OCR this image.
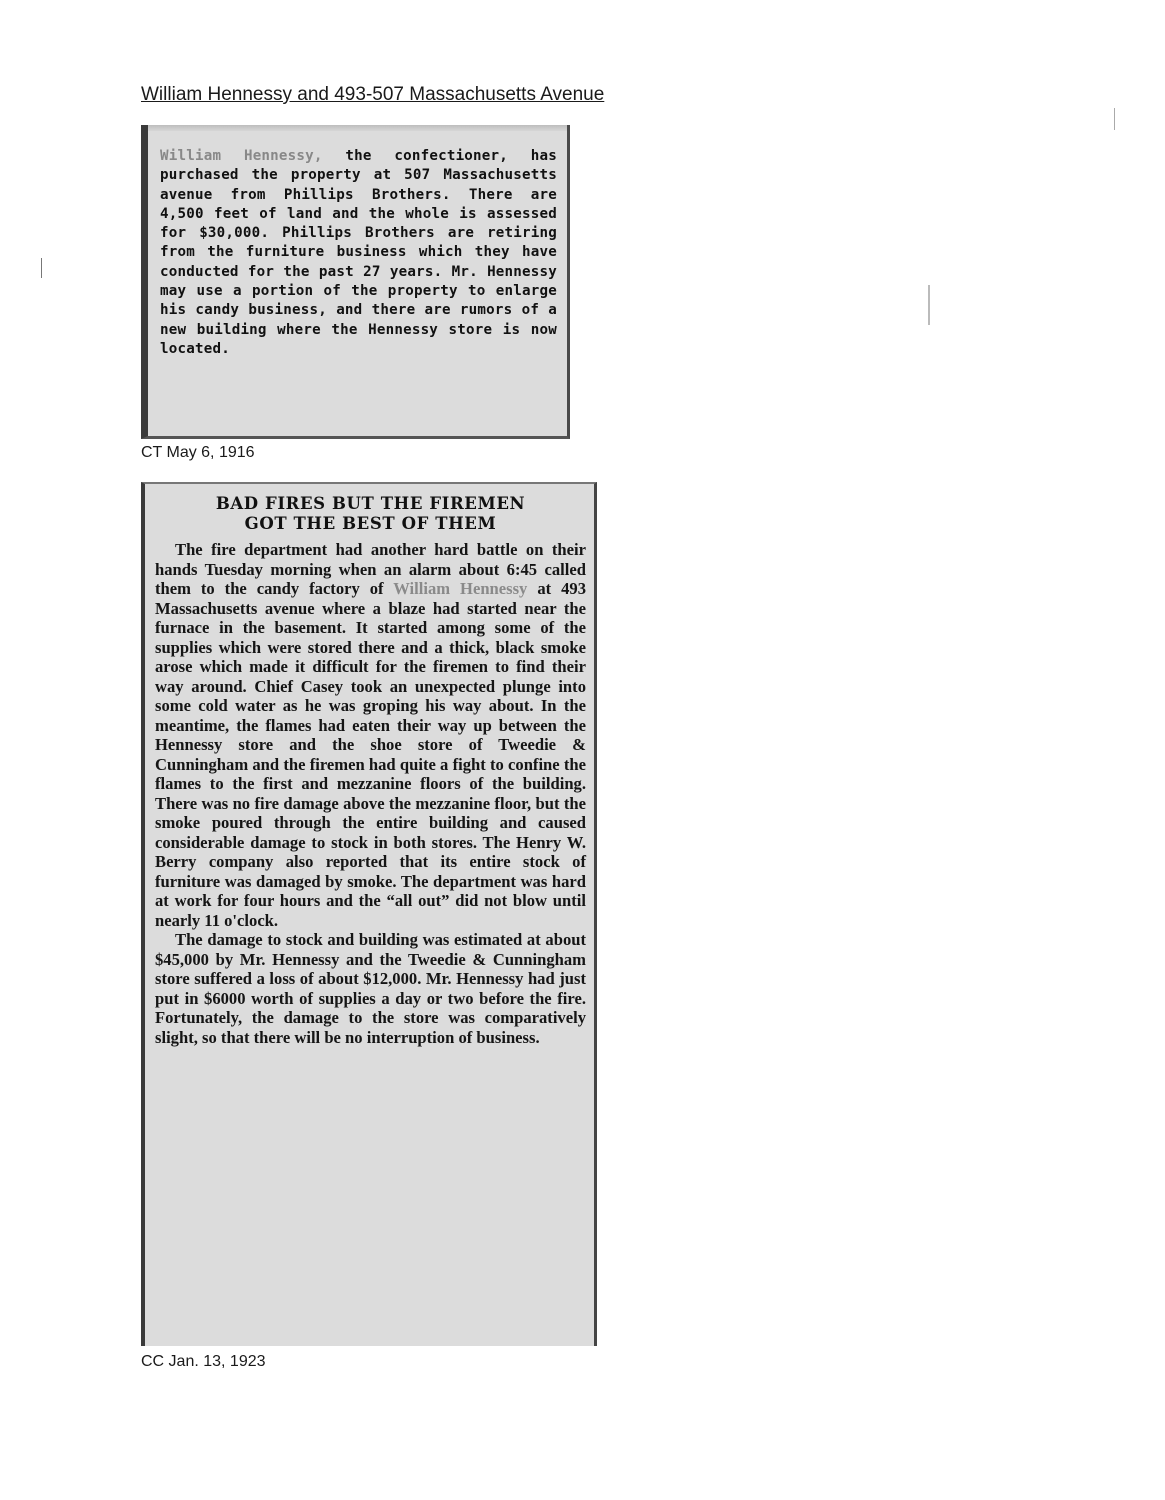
William Hennessy and 493-507 Massachusetts Avenue

William Hennessy, the confectioner, has purchased the property at 507 Massachusetts avenue from Phillips Brothers. There are 4,500 feet of land and the whole is assessed for $30,000. Phillips Brothers are retiring from the furniture business which they have conducted for the past 27 years. Mr. Hennessy may use a portion of the property to enlarge his candy business, and there are rumors of a new building where the Hennessy store is now located.

CT May 6, 1916
BAD FIRES BUT THE FIREMEN
GOT THE BEST OF THEM

The fire department had another hard battle on their hands Tuesday morning when an alarm about 6:45 called them to the candy factory of William Hennessy at 493 Massachusetts avenue where a blaze had started near the furnace in the basement. It started among some of the supplies which were stored there and a thick, black smoke arose which made it difficult for the firemen to find their way around. Chief Casey took an unexpected plunge into some cold water as he was groping his way about. In the meantime, the flames had eaten their way up between the Hennessy store and the shoe store of Tweedie & Cunningham and the firemen had quite a fight to confine the flames to the first and mezzanine floors of the building. There was no fire damage above the mezzanine floor, but the smoke poured through the entire building and caused considerable damage to stock in both stores. The Henry W. Berry company also reported that its entire stock of furniture was damaged by smoke. The department was hard at work for four hours and the “all out” did not blow until nearly 11 o'clock.

The damage to stock and building was estimated at about $45,000 by Mr. Hennessy and the Tweedie & Cunningham store suffered a loss of about $12,000. Mr. Hennessy had just put in $6000 worth of supplies a day or two before the fire. Fortunately, the damage to the store was comparatively slight, so that there will be no interruption of business.

CC Jan. 13, 1923
